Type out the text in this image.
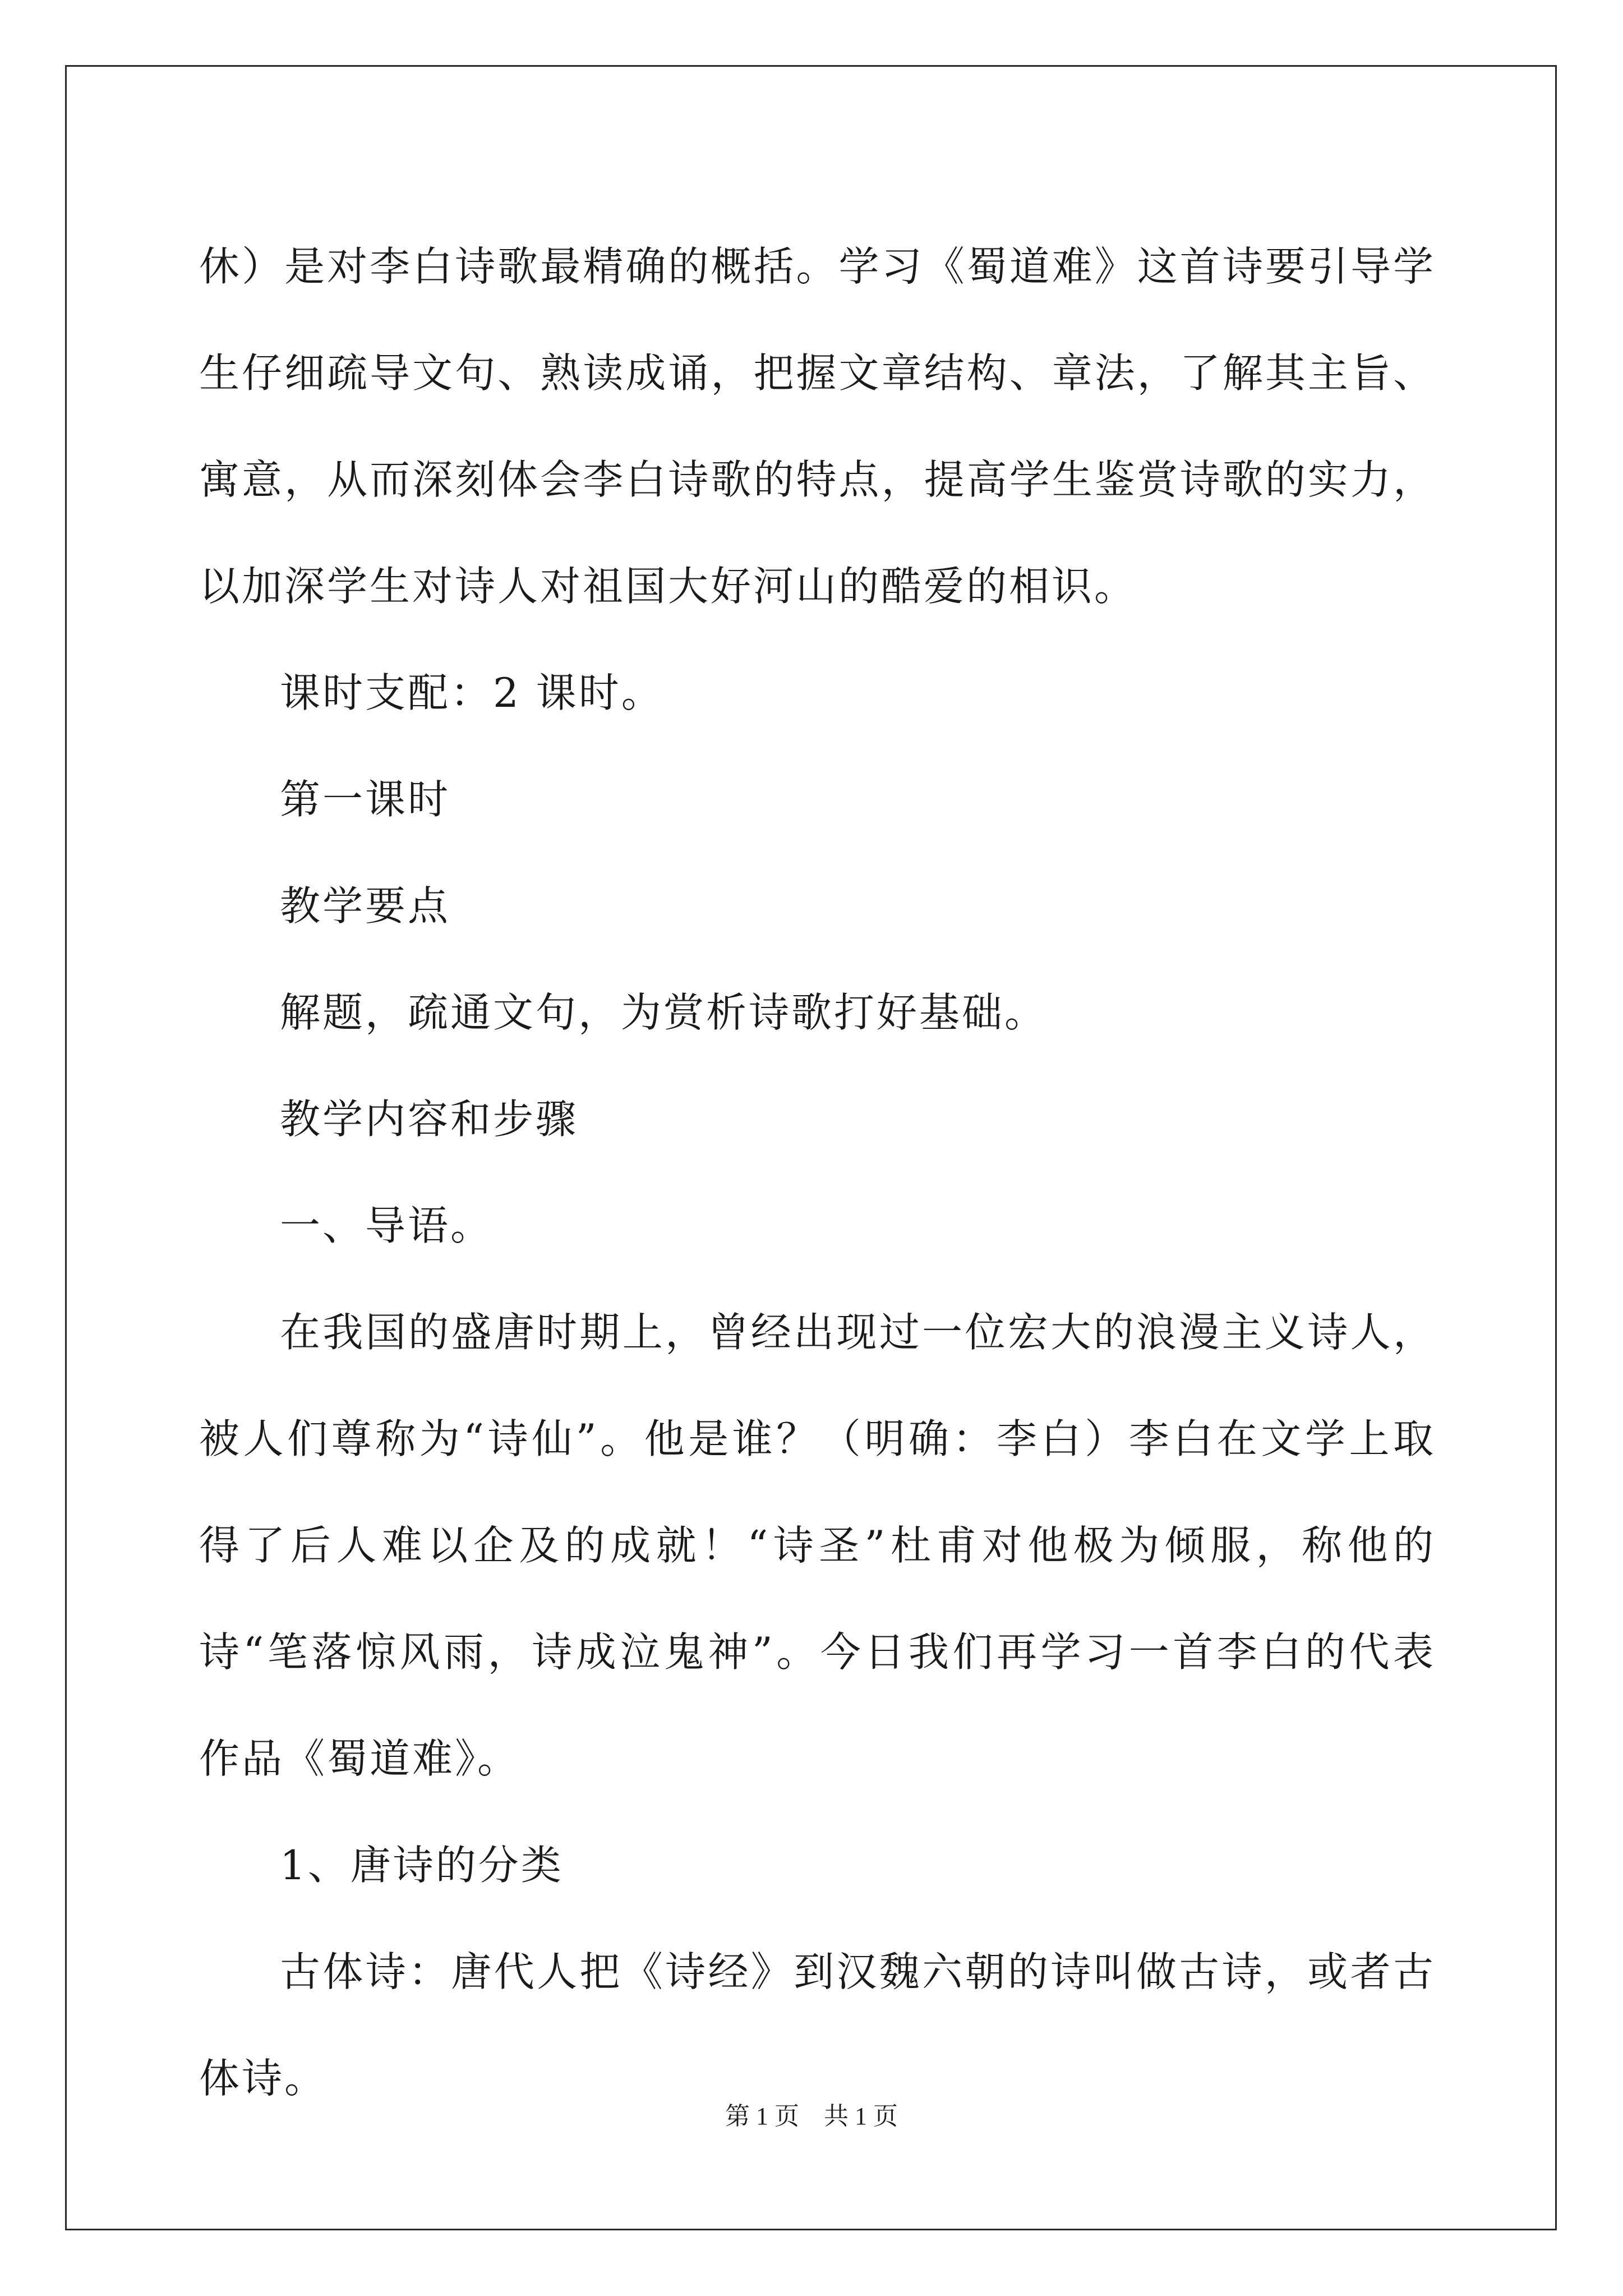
休）是对李白诗歌最精确的概括。学习《蜀道难》这首诗要引导学生仔细疏导文句、熟读成诵，把握文章结构、章法，了解其主旨、寓意，从而深刻体会李白诗歌的特点，提高学生鉴赏诗歌的实力，以加深学生对诗人对祖国大好河山的酷爱的相识。

课时支配：2 课时。

第一课时

教学要点

解题，疏通文句，为赏析诗歌打好基础。

教学内容和步骤

一、导语。

在我国的盛唐时期上，曾经出现过一位宏大的浪漫主义诗人，被人们尊称为“诗仙”。他是谁？（明确：李白）李白在文学上取得了后人难以企及的成就！“诗圣”杜甫对他极为倾服，称他的诗“笔落惊风雨，诗成泣鬼神”。今日我们再学习一首李白的代表作品《蜀道难》。

1、唐诗的分类

古体诗：唐代人把《诗经》到汉魏六朝的诗叫做古诗，或者古体诗。

第 1 页 共 1 页
